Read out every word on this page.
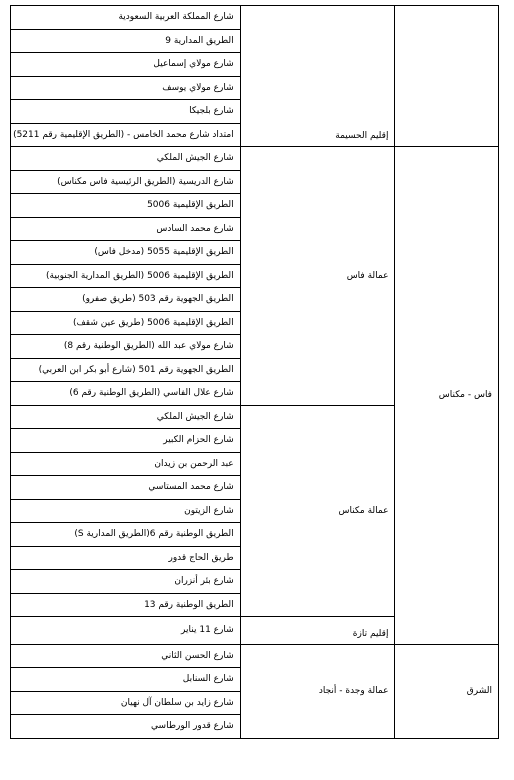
	إقليم الحسيمة	شارع المملكة العربية السعودية
		الطريق المدارية 9
		شارع مولاي إسماعيل
		شارع مولاي يوسف
		شارع بلجيكا
		امتداد شارع محمد الخامس - (الطريق الإقليمية رقم 5211)
فاس - مكناس	عمالة فاس	شارع الجيش الملكي
		شارع الدريسية (الطريق الرئيسية فاس مكناس)
		الطريق الإقليمية 5006
		شارع محمد السادس
		الطريق الإقليمية 5055 (مدخل فاس)
		الطريق الإقليمية 5006 (الطريق المدارية الجنوبية)
		الطريق الجهوية رقم 503 (طريق صفرو)
		الطريق الإقليمية 5006 (طريق عين شقف)
		شارع مولاي عبد الله (الطريق الوطنية رقم 8)
		الطريق الجهوية رقم 501 (شارع أبو بكر ابن العربي)
		شارع علال الفاسي (الطريق الوطنية رقم 6)
	عمالة مكناس	شارع الجيش الملكي
		شارع الحزام الكبير
		عبد الرحمن بن زيدان
		شارع محمد المستاسي
		شارع الزيتون
		الطريق الوطنية رقم 6(الطريق المدارية S)
		طريق الحاج قدور
		شارع بئر أنزران
		الطريق الوطنية رقم 13
	إقليم تازة	شارع 11 يناير
الشرق	عمالة وجدة - أنجاد	شارع الحسن الثاني
		شارع السنابل
		شارع زايد بن سلطان آل نهيان
		شارع قدور الورطاسي
